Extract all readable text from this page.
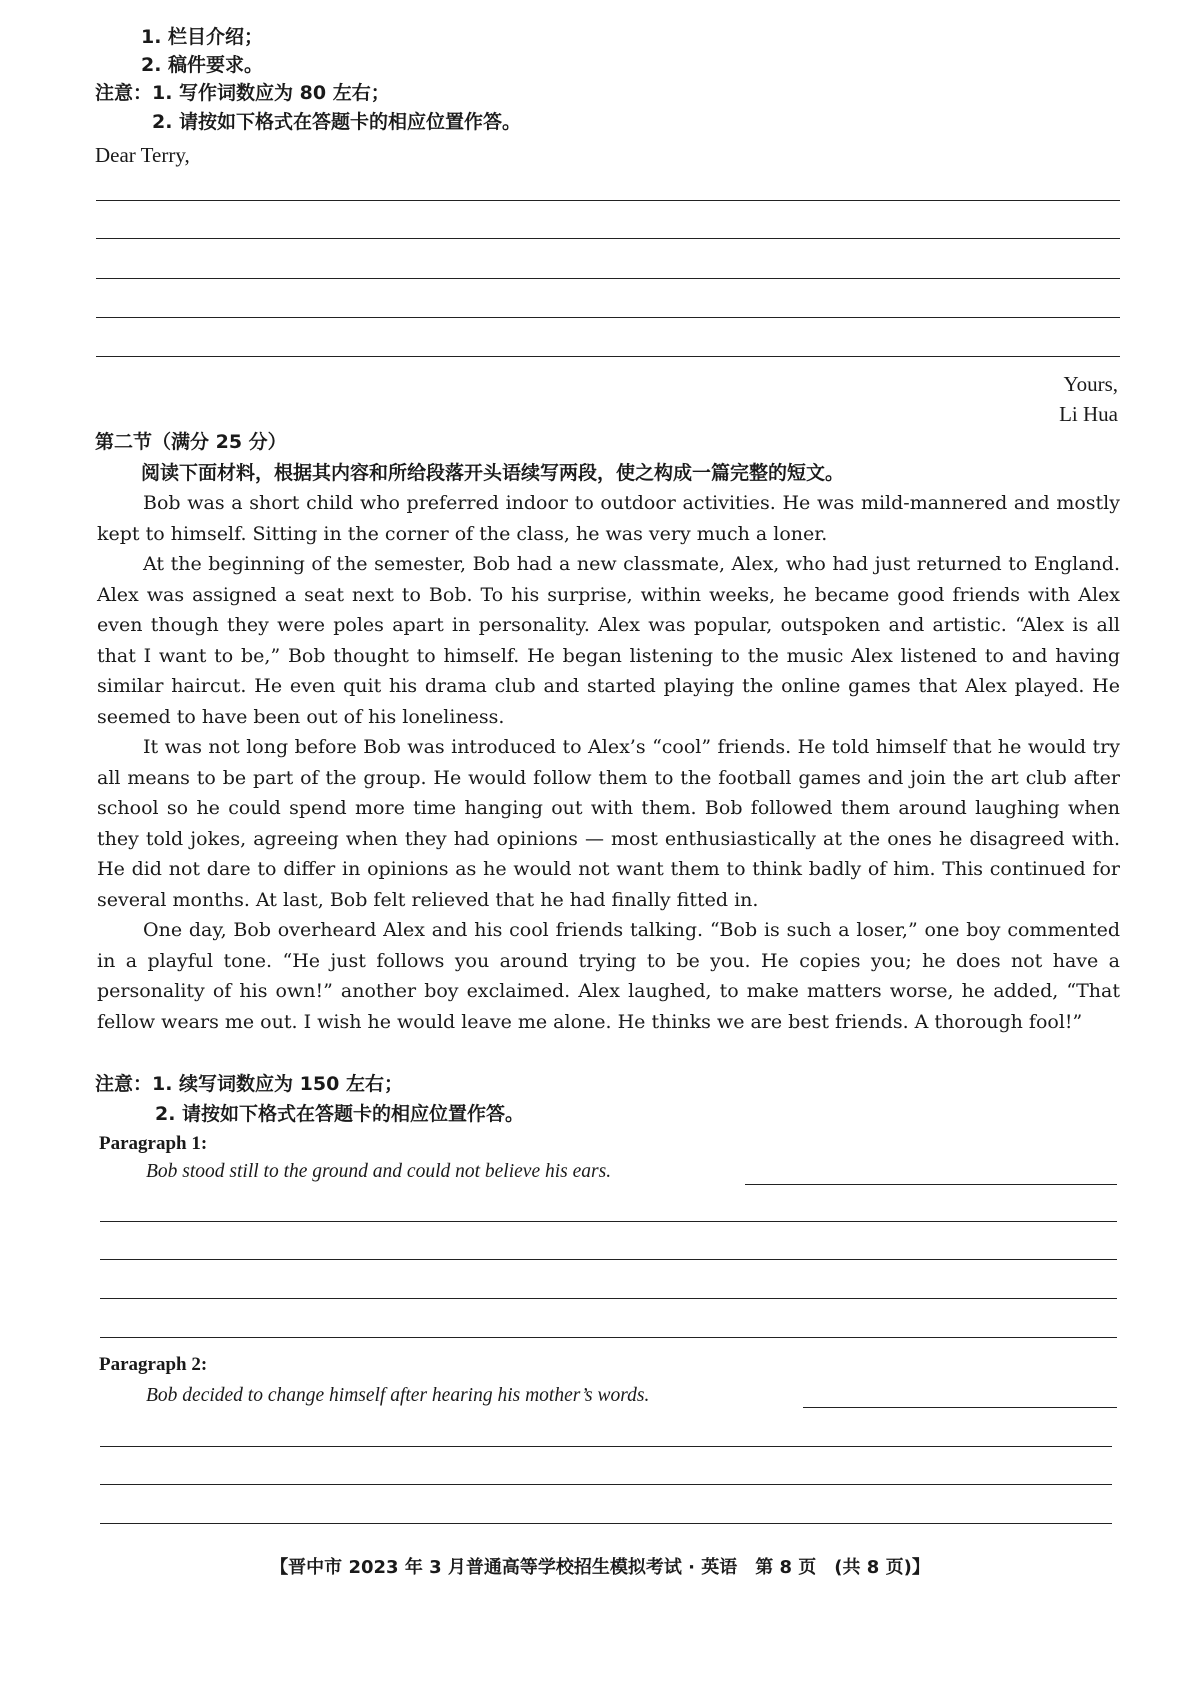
1. 栏目介绍；
2. 稿件要求。
注意：1. 写作词数应为 80 左右；
2. 请按如下格式在答题卡的相应位置作答。
Dear Terry,
Yours,
Li Hua
第二节（满分 25 分）
阅读下面材料，根据其内容和所给段落开头语续写两段，使之构成一篇完整的短文。

Bob was a short child who preferred indoor to outdoor activities. He was mild-mannered and mostly kept to himself. Sitting in the corner of the class, he was very much a loner.

At the beginning of the semester, Bob had a new classmate, Alex, who had just returned to England. Alex was assigned a seat next to Bob. To his surprise, within weeks, he became good friends with Alex even though they were poles apart in personality. Alex was popular, outspoken and artistic. “Alex is all that I want to be,” Bob thought to himself. He began listening to the music Alex listened to and having similar haircut. He even quit his drama club and started playing the online games that Alex played. He seemed to have been out of his loneliness.

It was not long before Bob was introduced to Alex’s “cool” friends. He told himself that he would try all means to be part of the group. He would follow them to the football games and join the art club after school so he could spend more time hanging out with them. Bob followed them around laughing when they told jokes, agreeing when they had opinions — most enthusiastically at the ones he disagreed with. He did not dare to differ in opinions as he would not want them to think badly of him. This continued for several months. At last, Bob felt relieved that he had finally fitted in.

One day, Bob overheard Alex and his cool friends talking. “Bob is such a loser,” one boy commented in a playful tone. “He just follows you around trying to be you. He copies you; he does not have a personality of his own!” another boy exclaimed. Alex laughed, to make matters worse, he added, “That fellow wears me out. I wish he would leave me alone. He thinks we are best friends. A thorough fool!”

注意：1. 续写词数应为 150 左右；
2. 请按如下格式在答题卡的相应位置作答。
Paragraph 1:
Bob stood still to the ground and could not believe his ears.
Paragraph 2:
Bob decided to change himself after hearing his mother’s words.
【晋中市 2023 年 3 月普通高等学校招生模拟考试 · 英语　第 8 页　(共 8 页)】
